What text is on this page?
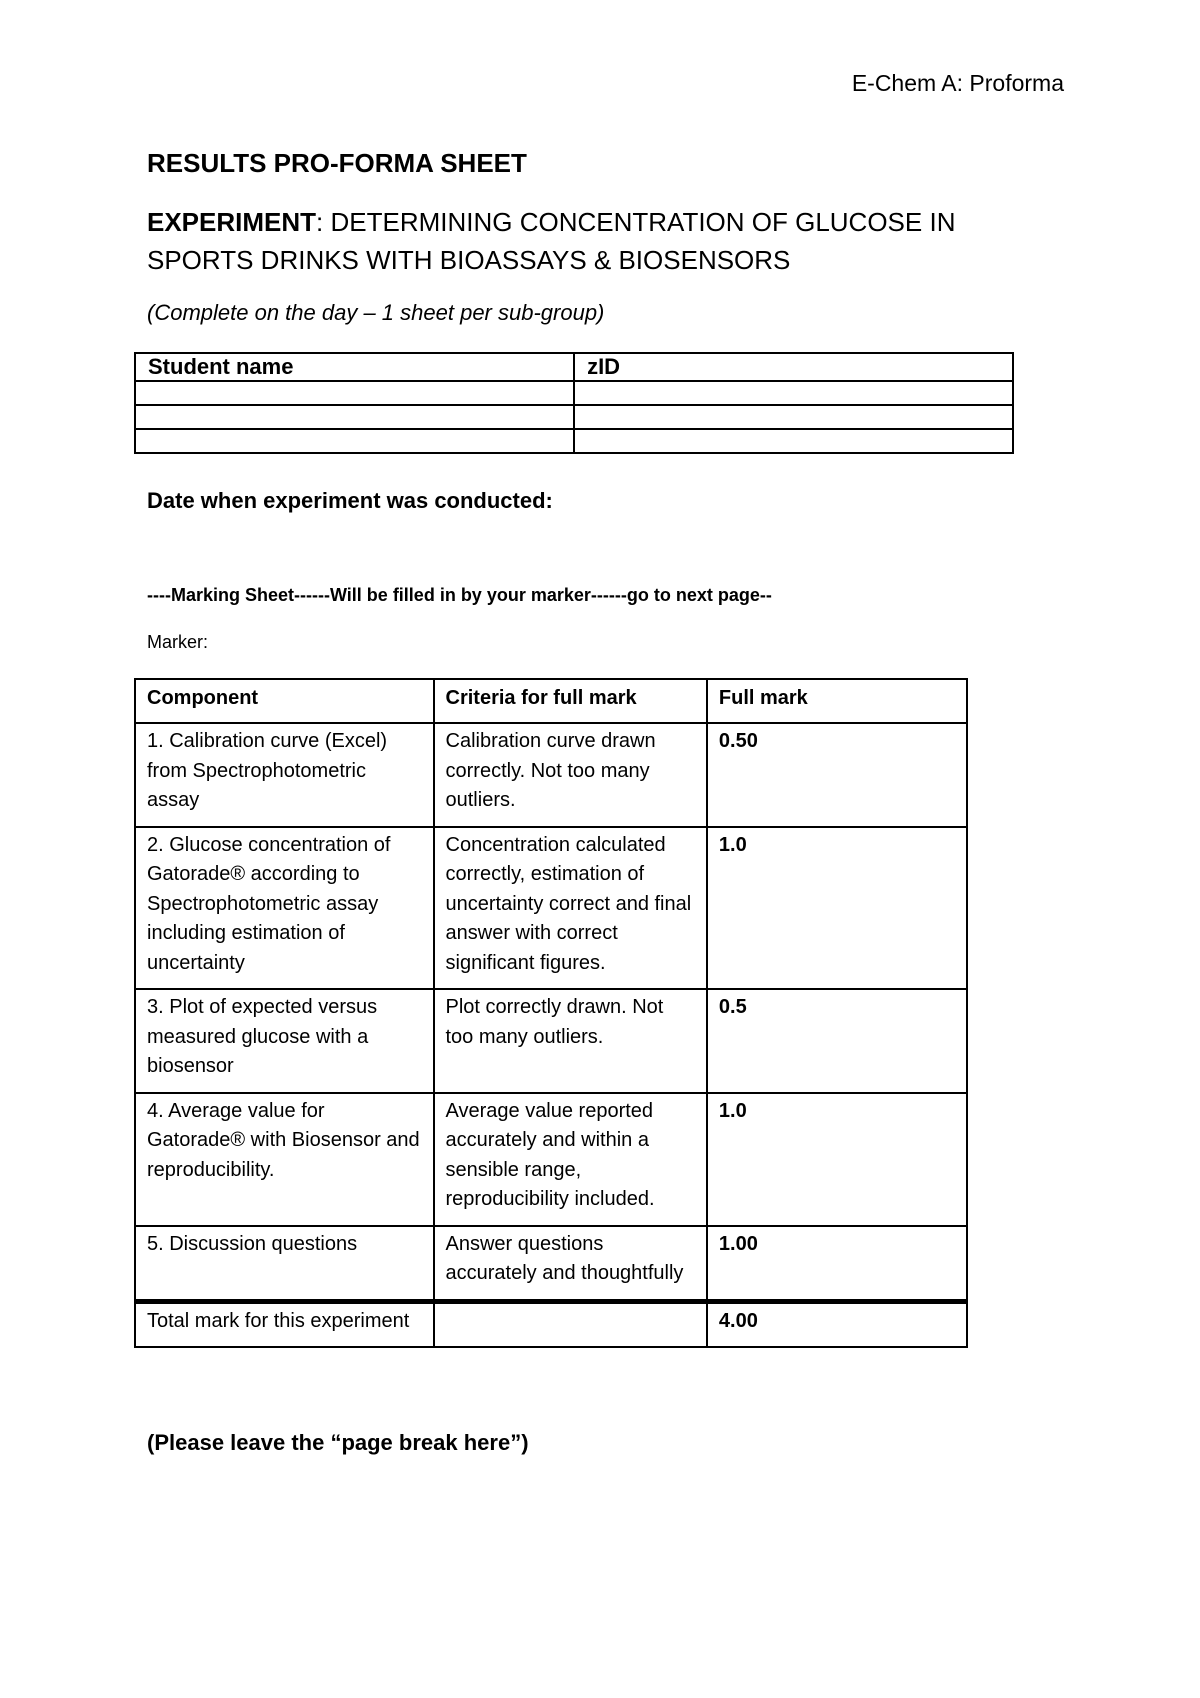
E-Chem A: Proforma
RESULTS PRO-FORMA SHEET

EXPERIMENT: DETERMINING CONCENTRATION OF GLUCOSE IN SPORTS DRINKS WITH BIOASSAYS & BIOSENSORS

(Complete on the day – 1 sheet per sub-group)
Student name	zID

Date when experiment was conducted:
----Marking Sheet------Will be filled in by your marker------go to next page--
Marker:
Component	Criteria for full mark	Full mark
1. Calibration curve (Excel) from Spectrophotometric assay	Calibration curve drawn correctly. Not too many outliers.	0.50
2. Glucose concentration of Gatorade® according to Spectrophotometric assay including estimation of uncertainty	Concentration calculated correctly, estimation of uncertainty correct and final answer with correct significant figures.	1.0
3. Plot of expected versus measured glucose with a biosensor	Plot correctly drawn. Not too many outliers.	0.5
4. Average value for Gatorade® with Biosensor and reproducibility.	Average value reported accurately and within a sensible range, reproducibility included.	1.0
5. Discussion questions	Answer questions accurately and thoughtfully	1.00
Total mark for this experiment		4.00
(Please leave the “page break here”)
